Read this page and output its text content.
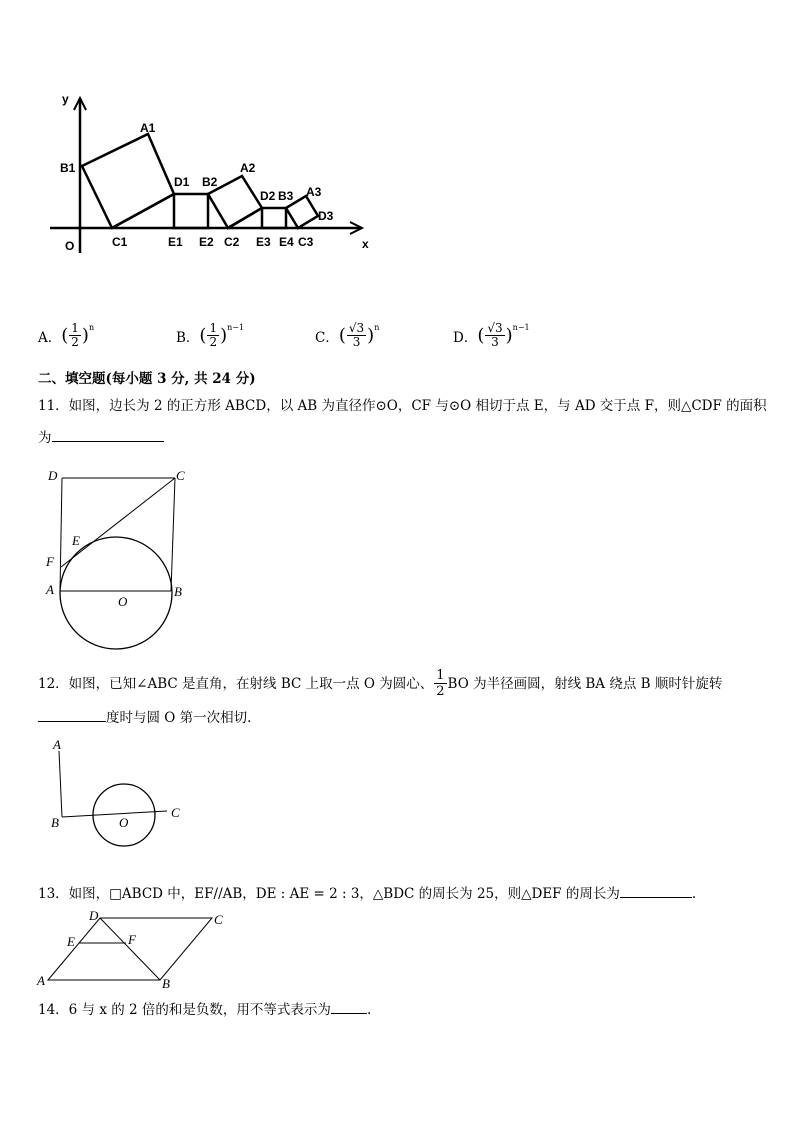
y
x
O
A1
B1
C1
D1 B2
A2
D2 B3 A3
D3
E1 E2 C2 E3 E4 C3
A． ( $\frac{1}{2}$ ) n
B． ( $\frac{1}{2}$ ) n−1
C． ( $\frac{√3}{3}$ ) n
D． ( $\frac{√3}{3}$ ) n−1
二、填空题(每小题 3 分, 共 24 分)
11．如图，边长为 2 的正方形 ABCD，以 AB 为直径作⊙O，CF 与⊙O 相切于点 E，与 AD 交于点 F，则△CDF 的面积
为
D	C
E
F
A	B
O
12．如图，已知∠ABC 是直角，在射线 BC 上取一点 O 为圆心、 $\frac{1}{2}$ BO 为半径画圆，射线 BA 绕点 B 顺时针旋转
度时与圆 O 第一次相切.
A
B	O
C
13．如图，□ABCD 中，EF//AB，DE : AE = 2 : 3，△BDC 的周长为 25，则△DEF 的周长为	.
D	C
E	F
A	B
14．6 与 x 的 2 倍的和是负数，用不等式表示为	.
